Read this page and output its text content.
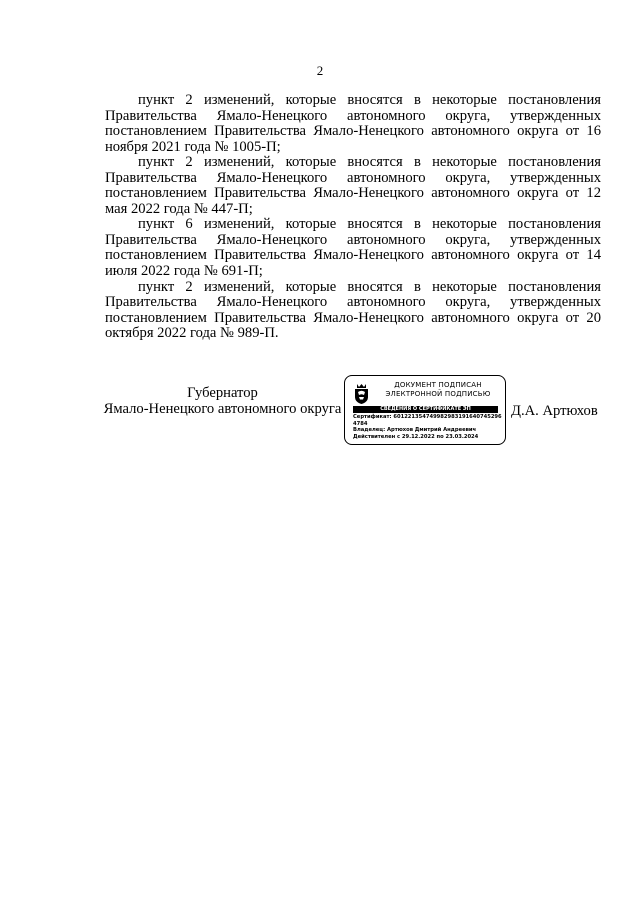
2

пункт 2 изменений, которые вносятся в некоторые постановления Правительства Ямало-Ненецкого автономного округа, утвержденных постановлением Правительства Ямало-Ненецкого автономного округа от 16 ноября 2021 года № 1005-П;

пункт 2 изменений, которые вносятся в некоторые постановления Правительства Ямало-Ненецкого автономного округа, утвержденных постановлением Правительства Ямало-Ненецкого автономного округа от 12 мая 2022 года № 447-П;

пункт 6 изменений, которые вносятся в некоторые постановления Правительства Ямало-Ненецкого автономного округа, утвержденных постановлением Правительства Ямало-Ненецкого автономного округа от 14 июля 2022 года № 691-П;

пункт 2 изменений, которые вносятся в некоторые постановления Правительства Ямало-Ненецкого автономного округа, утвержденных постановлением Правительства Ямало-Ненецкого автономного округа от 20 октября 2022 года № 989-П.

Губернатор
Ямало-Ненецкого автономного округа
ДОКУМЕНТ ПОДПИСАН
ЭЛЕКТРОННОЙ ПОДПИСЬЮ
СВЕДЕНИЯ О СЕРТИФИКАТЕ ЭП
Сертификат: 601221354749982983191640745296
4784
Владелец: Артюхов Дмитрий Андреевич
Действителен с 29.12.2022 по 23.03.2024
Д.А. Артюхов
